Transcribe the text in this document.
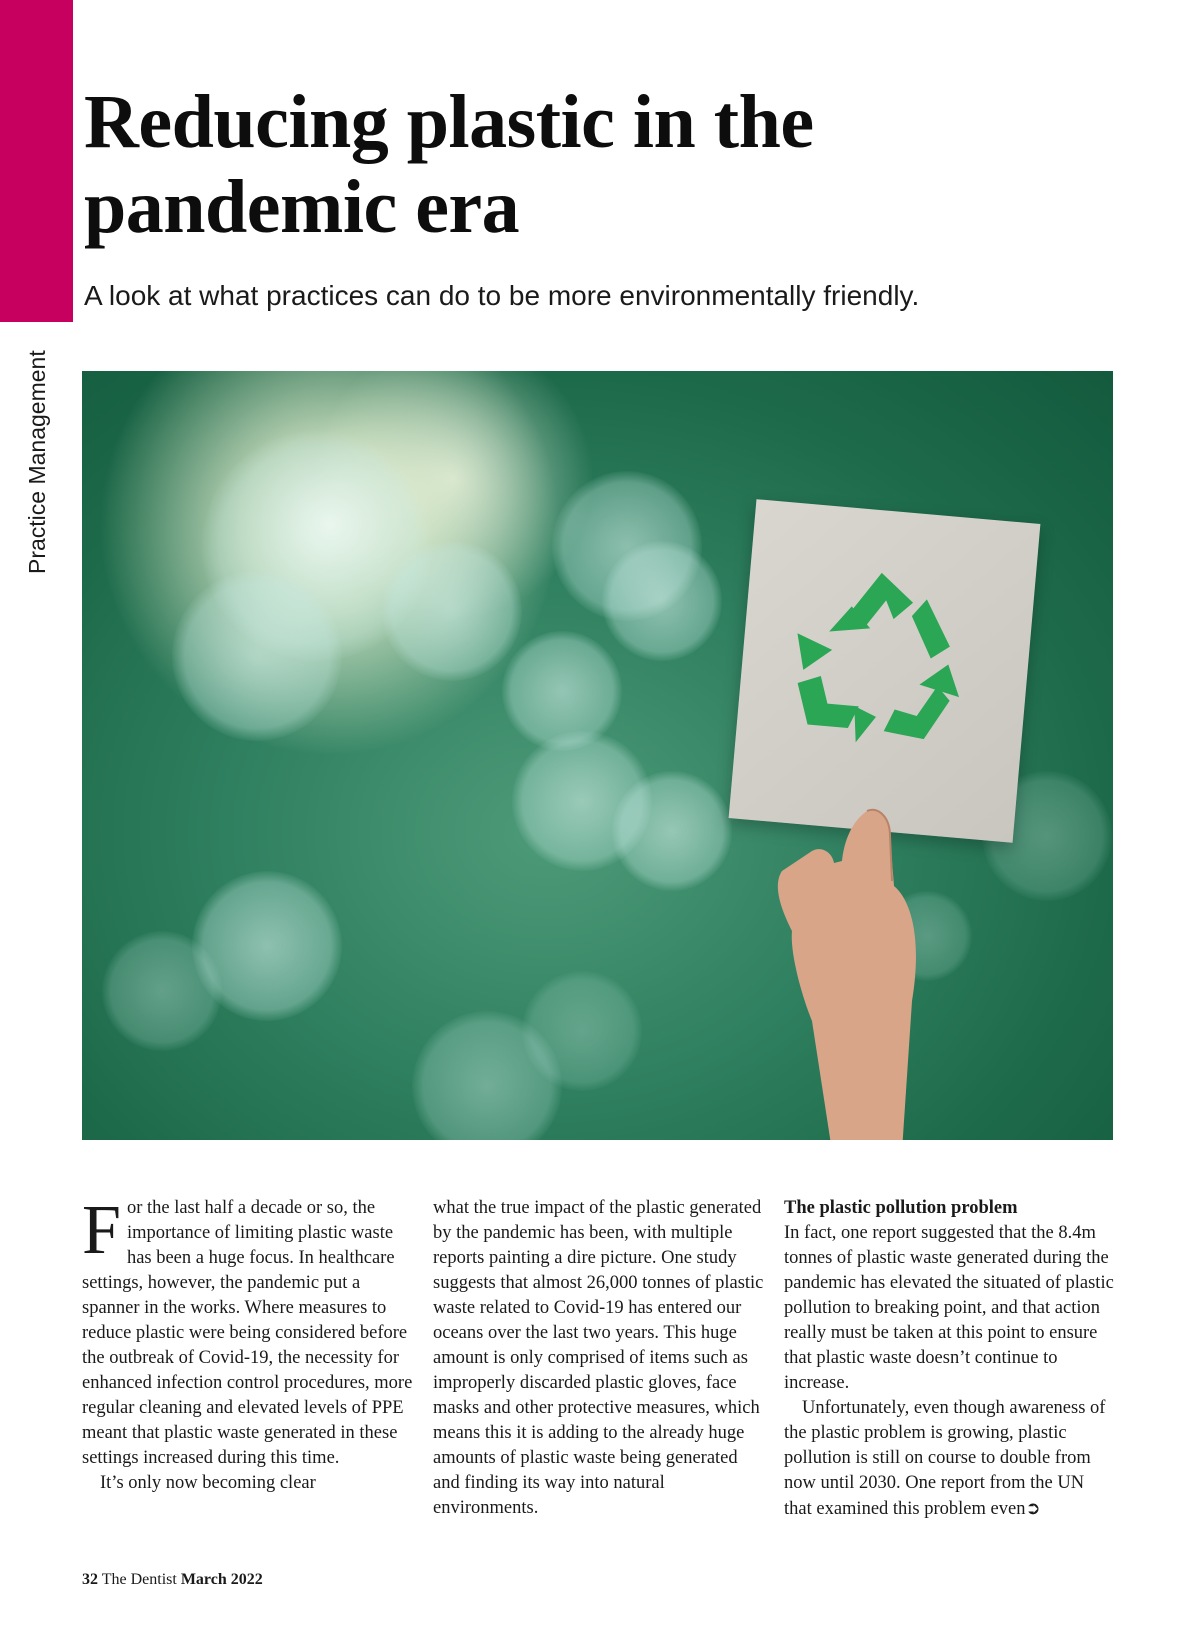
Practice Management
Reducing plastic in the
pandemic era
A look at what practices can do to be more environmentally friendly.

For the last half a decade or so, the importance of limiting plastic waste has been a huge focus. In healthcare settings, however, the pandemic put a spanner in the works. Where measures to reduce plastic were being considered before the outbreak of Covid-19, the necessity for enhanced infection control procedures, more regular cleaning and elevated levels of PPE meant that plastic waste generated in these settings increased during this time.

It’s only now becoming clear

what the true impact of the plastic generated by the pandemic has been, with multiple reports painting a dire picture. One study suggests that almost 26,000 tonnes of plastic waste related to Covid-19 has entered our oceans over the last two years. This huge amount is only comprised of items such as improperly discarded plastic gloves, face masks and other protective measures, which means this it is adding to the already huge amounts of plastic waste being generated and finding its way into natural environments.

The plastic pollution problem

In fact, one report suggested that the 8.4m tonnes of plastic waste generated during the pandemic has elevated the situated of plastic pollution to breaking point, and that action really must be taken at this point to ensure that plastic waste doesn’t continue to increase.

Unfortunately, even though awareness of the plastic problem is growing, plastic pollution is still on course to double from now until 2030. One report from the UN that examined this problem even➲

32 The Dentist March 2022
